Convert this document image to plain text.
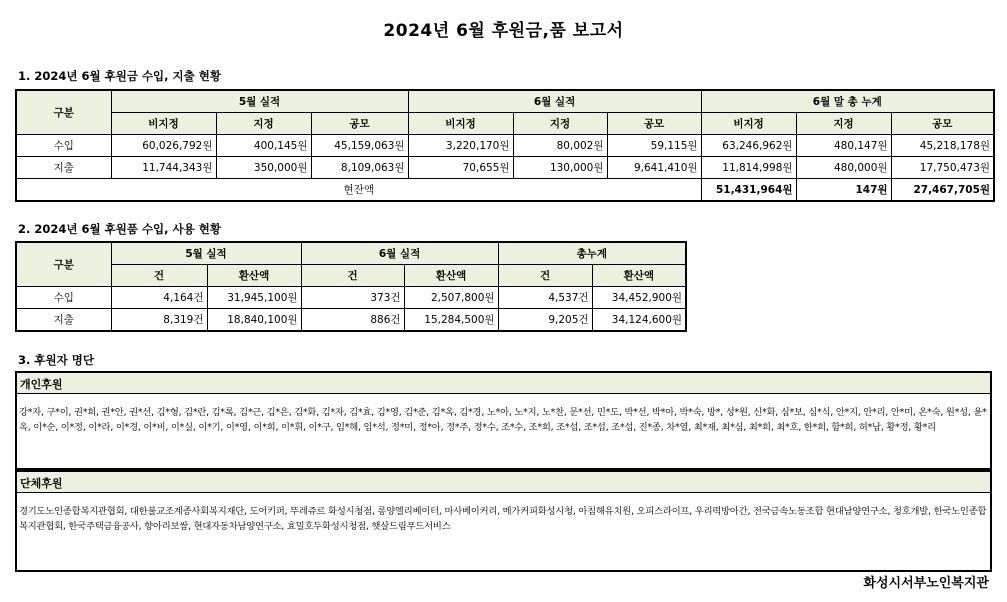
2024년 6월 후원금,품 보고서
1. 2024년 6월 후원금 수입, 지출 현황
구분	5월 실적			6월 실적			6월 말 총 누계		
	비지정	지정	공모	비지정	지정	공모	비지정	지정	공모
수입	60,026,792원	400,145원	45,159,063원	3,220,170원	80,002원	59,115원	63,246,962원	480,147원	45,218,178원
지출	11,744,343원	350,000원	8,109,063원	70,655원	130,000원	9,641,410원	11,814,998원	480,000원	17,750,473원
현잔액							51,431,964원	147원	27,467,705원
2. 2024년 6월 후원품 수입, 사용 현황
구분	5월 실적		6월 실적		총누계	
	건	환산액	건	환산액	건	환산액
수입	4,164건	31,945,100원	373건	2,507,800원	4,537건	34,452,900원
지출	8,319건	18,840,100원	886건	15,284,500원	9,205건	34,124,600원
3. 후원자 명단
개인후원
강*자, 구*이, 권*희, 권*안, 권*선, 김*형, 김*란, 김*록, 김*근, 김*은, 김*화, 김*자, 김*효, 김*영, 김*준, 김*옥, 김*경, 노*아, 노*지, 노*찬, 문*선, 민*도, 박*선, 박*아, 박*숙, 방*, 성*원, 신*화, 심*보, 심*식, 안*지, 안*리, 안*미, 온*숙, 원*성, 윤*옥, 이*순, 이*정, 이*라, 이*경, 이*비, 이*실, 이*기, 이*영, 이*희, 이*휘, 이*구, 임*해, 임*석, 정*미, 정*아, 정*주, 정*수, 조*수, 조*희, 조*섭, 조*섭, 조*섭, 진*종, 차*열, 최*재, 최*심, 최*희, 최*호, 한*희, 함*희, 허*남, 황*정, 황*리
단체후원
경기도노인종합복지관협회, 대한불교조계종사회복지재단, 도어키퍼, 뚜레쥬르 화성시청점, 롱양엘리베이터, 마사베이커리, 메가커피화성시청, 아침해유치원, 오피스라이프, 우리떡방아간, 전국금속노동조합 현대남양연구소, 청호개발, 한국노인종합복지관협회, 한국주택금융공사, 향아리보쌈, 현대자동차남양연구소, 효밀호두화성시청점, 햇살드림푸드서비스
화성시서부노인복지관
